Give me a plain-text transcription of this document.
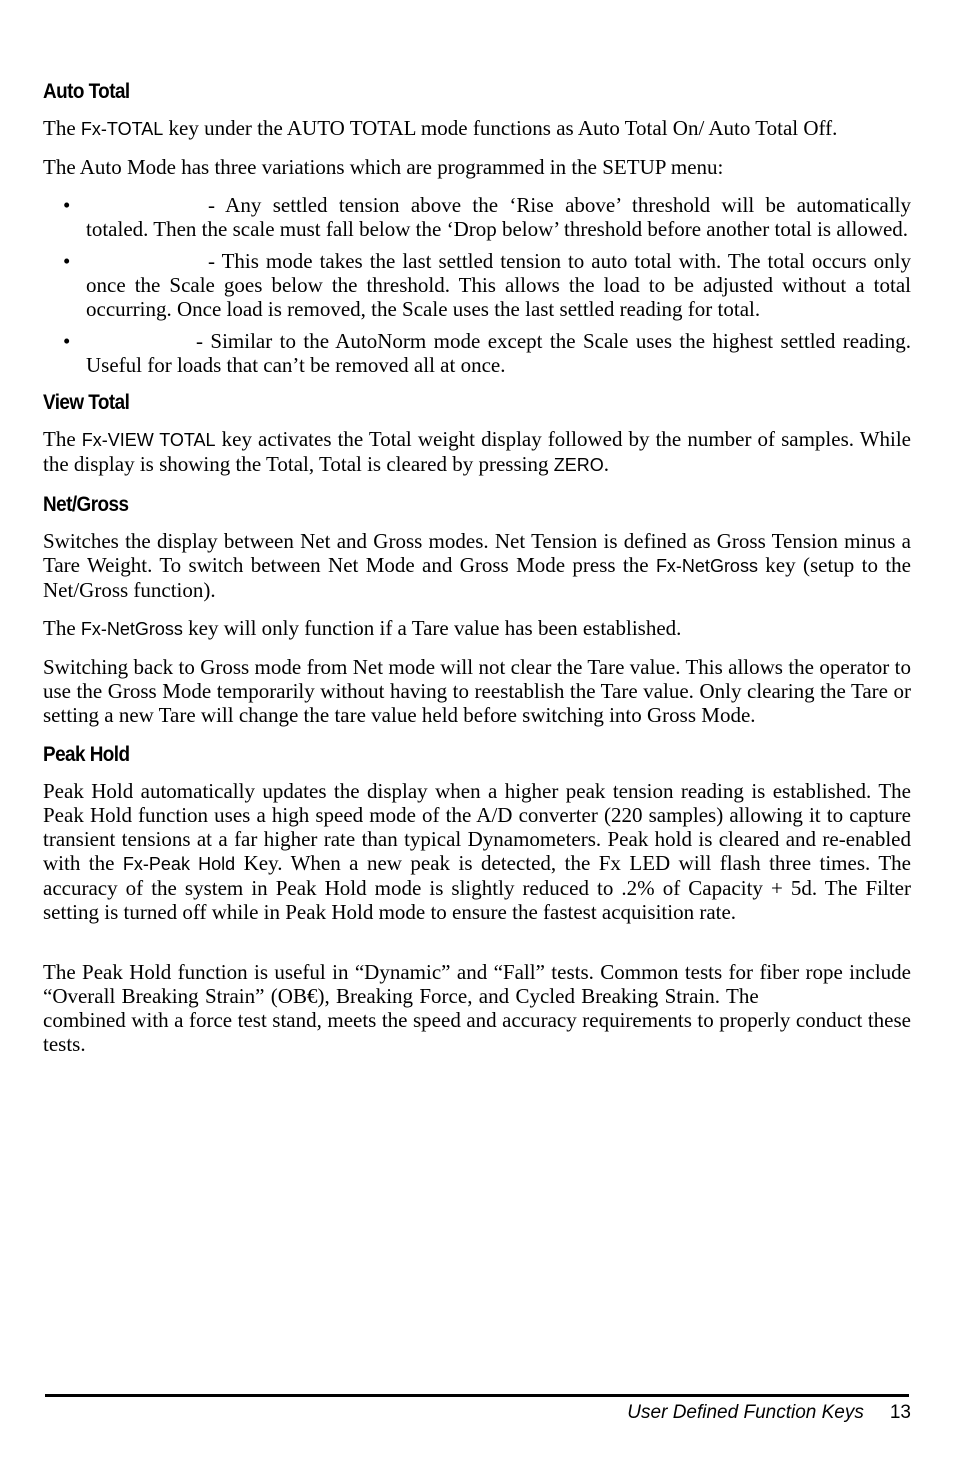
Auto Total

The Fx-TOTAL key under the AUTO TOTAL mode functions as Auto Total On/ Auto Total Off.

The Auto Mode has three variations which are programmed in the SETUP menu:

•	- Any settled tension above the ‘Rise above’ threshold will be automatically totaled. Then the scale must fall below the ‘Drop below’ threshold before another total is allowed.
•	- This mode takes the last settled tension to auto total with. The total occurs only once the Scale goes below the threshold. This allows the load to be adjusted without a total occurring. Once load is removed, the Scale uses the last settled reading for total.
•	- Similar to the AutoNorm mode except the Scale uses the highest settled reading. Useful for loads that can’t be removed all at once.
View Total

The Fx-VIEW TOTAL key activates the Total weight display followed by the number of samples. While the display is showing the Total, Total is cleared by pressing ZERO.

Net/Gross

Switches the display between Net and Gross modes. Net Tension is defined as Gross Tension minus a Tare Weight. To switch between Net Mode and Gross Mode press the Fx-NetGross key (setup to the Net/Gross function).

The Fx-NetGross key will only function if a Tare value has been established.

Switching back to Gross mode from Net mode will not clear the Tare value. This allows the operator to use the Gross Mode temporarily without having to reestablish the Tare value. Only clearing the Tare or setting a new Tare will change the tare value held before switching into Gross Mode.

Peak Hold

Peak Hold automatically updates the display when a higher peak tension reading is established. The Peak Hold function uses a high speed mode of the A/D converter (220 samples) allowing it to capture transient tensions at a far higher rate than typical Dynamometers. Peak hold is cleared and re-enabled with the Fx-Peak Hold Key. When a new peak is detected, the Fx LED will flash three times. The accuracy of the system in Peak Hold mode is slightly reduced to .2% of Capacity + 5d. The Filter setting is turned off while in Peak Hold mode to ensure the fastest acquisition rate.

The Peak Hold function is useful in “Dynamic” and “Fall” tests. Common tests for fiber rope include “Overall Breaking Strain” (OB€), Breaking Force, and Cycled Breaking Strain. The  combined with a force test stand, meets the speed and accuracy requirements to properly conduct these tests.

User Defined Function Keys 13
